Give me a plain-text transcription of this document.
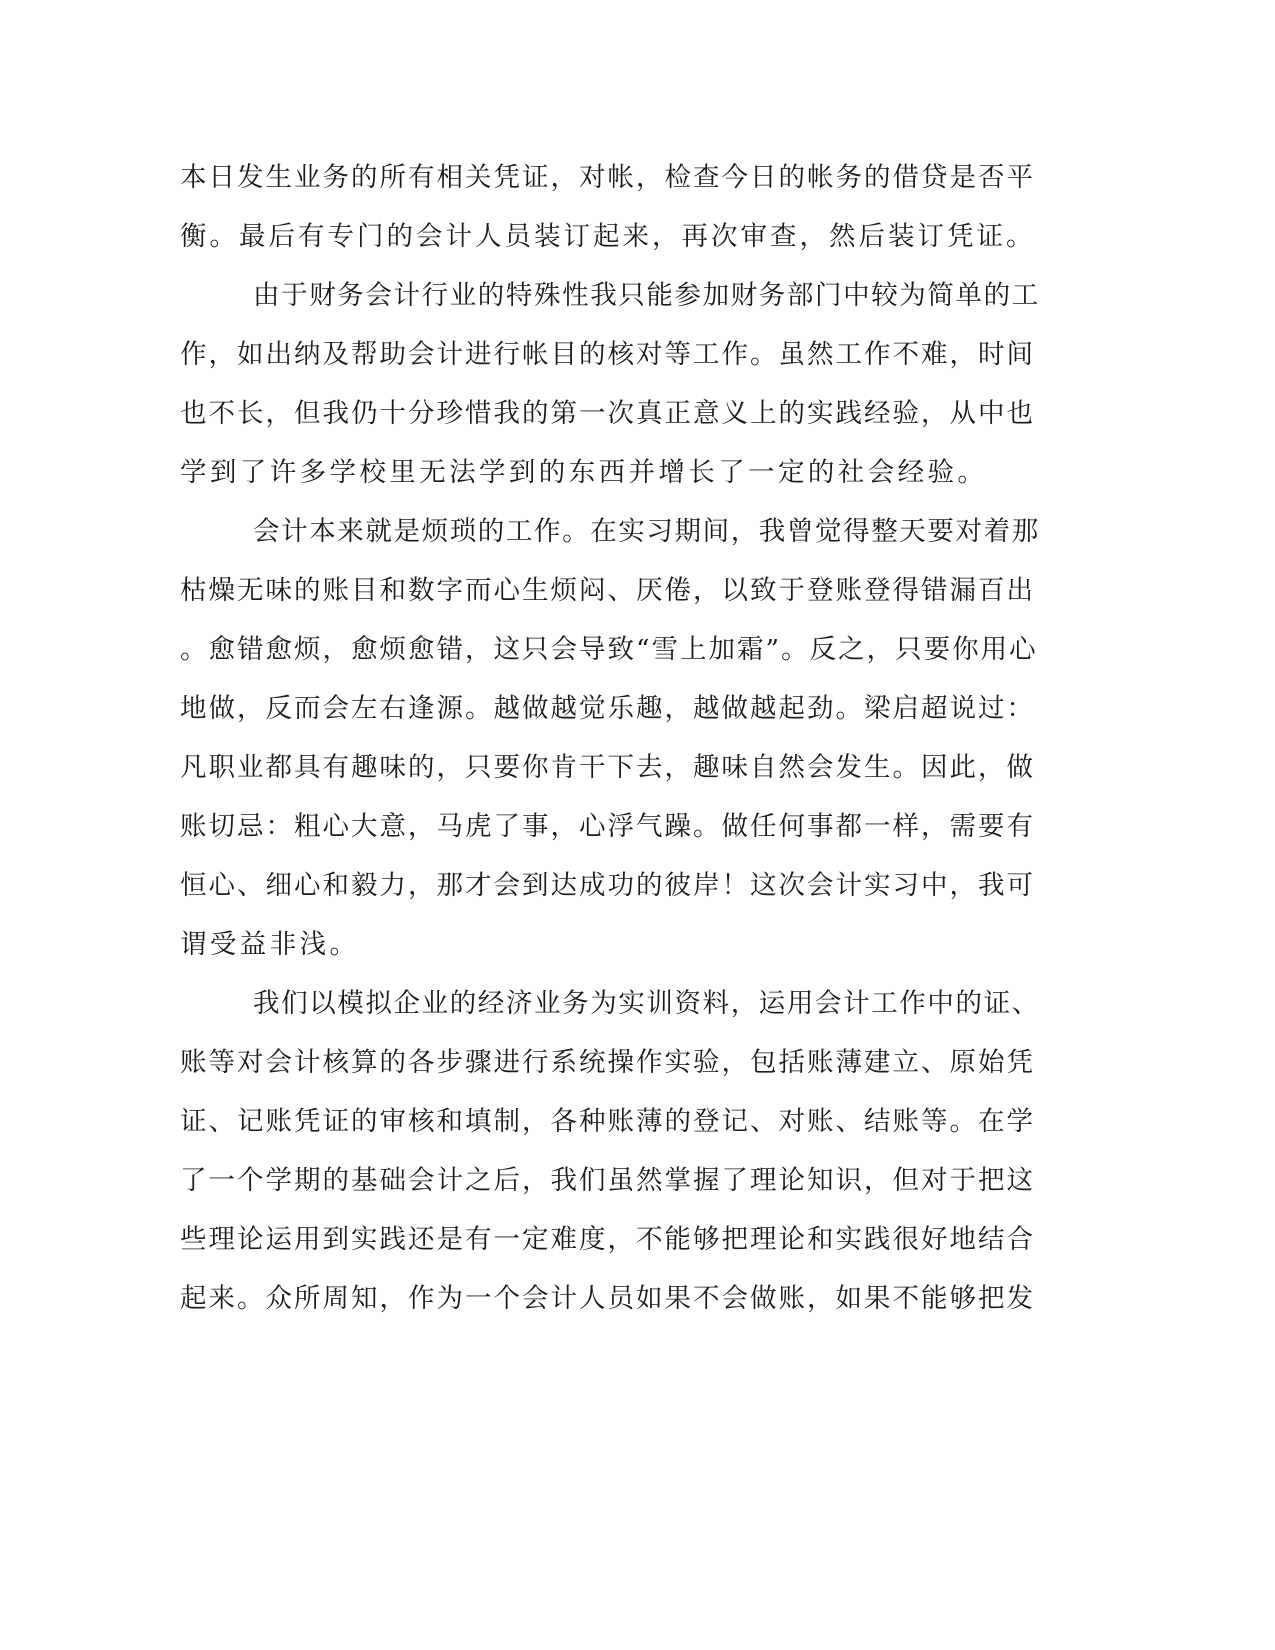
本日发生业务的所有相关凭证，对帐，检查今日的帐务的借贷是否平

衡。最后有专门的会计人员装订起来，再次审查，然后装订凭证。

由于财务会计行业的特殊性我只能参加财务部门中较为简单的工

作，如出纳及帮助会计进行帐目的核对等工作。虽然工作不难，时间

也不长，但我仍十分珍惜我的第一次真正意义上的实践经验，从中也

学到了许多学校里无法学到的东西并增长了一定的社会经验。

会计本来就是烦琐的工作。在实习期间，我曾觉得整天要对着那

枯燥无味的账目和数字而心生烦闷、厌倦，以致于登账登得错漏百出

。愈错愈烦，愈烦愈错，这只会导致“雪上加霜”。反之，只要你用心

地做，反而会左右逢源。越做越觉乐趣，越做越起劲。梁启超说过：

凡职业都具有趣味的，只要你肯干下去，趣味自然会发生。因此，做

账切忌：粗心大意，马虎了事，心浮气躁。做任何事都一样，需要有

恒心、细心和毅力，那才会到达成功的彼岸！这次会计实习中，我可

谓受益非浅。

我们以模拟企业的经济业务为实训资料，运用会计工作中的证、

账等对会计核算的各步骤进行系统操作实验，包括账薄建立、原始凭

证、记账凭证的审核和填制，各种账薄的登记、对账、结账等。在学

了一个学期的基础会计之后，我们虽然掌握了理论知识，但对于把这

些理论运用到实践还是有一定难度，不能够把理论和实践很好地结合

起来。众所周知，作为一个会计人员如果不会做账，如果不能够把发
